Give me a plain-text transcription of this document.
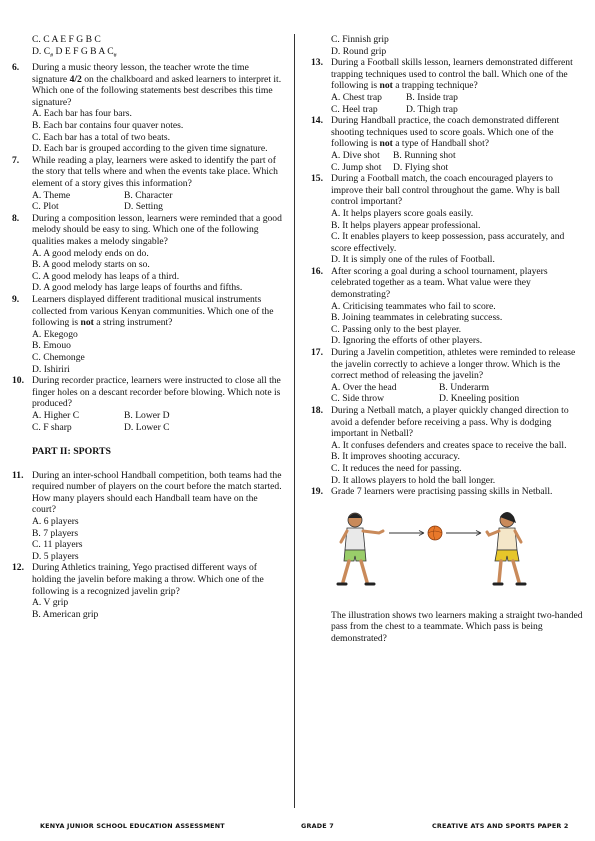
C. C A E F G B C
D. $C_{\#}$ D E F G B A $C_{\#}$
6.	During a music theory lesson, the teacher wrote the time signature 4/2 on the chalkboard and asked learners to interpret it. Which one of the following statements best describes this time signature?
A. Each bar has four bars.
B. Each bar contains four quaver notes.
C. Each bar has a total of two beats.
D. Each bar is grouped according to the given time signature.
7.	While reading a play, learners were asked to identify the part of the story that tells where and when the events take place. Which element of a story gives this information?
A. Theme	B. Character
C. Plot	D. Setting
8.	During a composition lesson, learners were reminded that a good melody should be easy to sing. Which one of the following qualities makes a melody singable?
A. A good melody ends on do.
B. A good melody starts on so.
C. A good melody has leaps of a third.
D. A good melody has large leaps of fourths and fifths.
9.	Learners displayed different traditional musical instruments collected from various Kenyan communities. Which one of the following is not a string instrument?
A. Ekegogo
B. Emouo
C. Chemonge
D. Ishiriri
10. During recorder practice, learners were instructed to close all the finger holes on a descant recorder before blowing. Which note is produced?
A. Higher C	B. Lower D
C. F sharp	D. Lower C
PART II: SPORTS
11. During an inter-school Handball competition, both teams had the required number of players on the court before the match started. How many players should each Handball team have on the court?
A. 6 players
B. 7 players
C. 11 players
D. 5 players
12. During Athletics training, Yego practised different ways of holding the javelin before making a throw. Which one of the following is a recognized javelin grip?
A. V grip
B. American grip
C. Finnish grip
D. Round grip
13. During a Football skills lesson, learners demonstrated different trapping techniques used to control the ball. Which one of the following is not a trapping technique?
A. Chest trap	B. Inside trap
C. Heel trap	D. Thigh trap
14. During Handball practice, the coach demonstrated different shooting techniques used to score goals. Which one of the following is not a type of Handball shot?
A. Dive shot	B. Running shot
C. Jump shot	D. Flying shot
15. During a Football match, the coach encouraged players to improve their ball control throughout the game. Why is ball control important?
A. It helps players score goals easily.
B. It helps players appear professional.
C. It enables players to keep possession, pass accurately, and score effectively.
D. It is simply one of the rules of Football.
16. After scoring a goal during a school tournament, players celebrated together as a team. What value were they demonstrating?
A. Criticising teammates who fail to score.
B. Joining teammates in celebrating success.
C. Passing only to the best player.
D. Ignoring the efforts of other players.
17. During a Javelin competition, athletes were reminded to release the javelin correctly to achieve a longer throw. Which is the correct method of releasing the javelin?
A. Over the head	B. Underarm
C. Side throw	D. Kneeling position
18. During a Netball match, a player quickly changed direction to avoid a defender before receiving a pass. Why is dodging important in Netball?
A. It confuses defenders and creates space to receive the ball.
B. It improves shooting accuracy.
C. It reduces the need for passing.
D. It allows players to hold the ball longer.
19. Grade 7 learners were practising passing skills in Netball.
The illustration shows two learners making a straight two-handed pass from the chest to a teammate. Which pass is being demonstrated?
KENYA JUNIOR SCHOOL EDUCATION ASSESSMENT	GRADE 7	CREATIVE ATS AND SPORTS PAPER 2
